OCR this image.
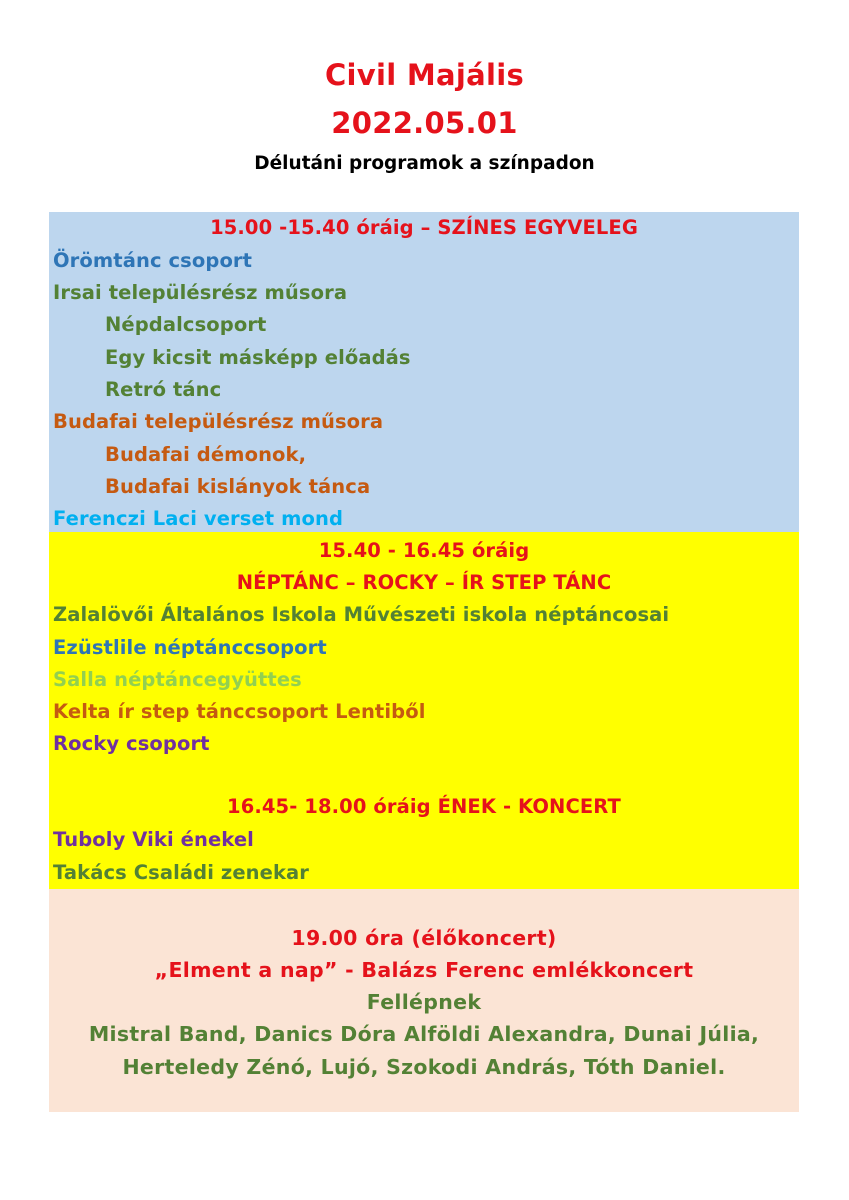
Civil Majális
2022.05.01
Délutáni programok a színpadon
15.00 -15.40 óráig – SZÍNES EGYVELEG
Örömtánc csoport
Irsai településrész műsora
Népdalcsoport
Egy kicsit másképp előadás
Retró tánc
Budafai településrész műsora
Budafai démonok,
Budafai kislányok tánca
Ferenczi Laci verset mond
15.40 - 16.45 óráig
NÉPTÁNC – ROCKY – ÍR STEP TÁNC
Zalalövői Általános Iskola Művészeti iskola néptáncosai
Ezüstlile néptánccsoport
Salla néptáncegyüttes
Kelta ír step tánccsoport Lentiből
Rocky csoport
16.45- 18.00 óráig ÉNEK - KONCERT
Tuboly Viki énekel
Takács Családi zenekar
19.00 óra (élőkoncert)
„Elment a nap” - Balázs Ferenc emlékkoncert
Fellépnek
Mistral Band, Danics Dóra Alföldi Alexandra, Dunai Júlia,
Herteledy Zénó, Lujó, Szokodi András, Tóth Daniel.
